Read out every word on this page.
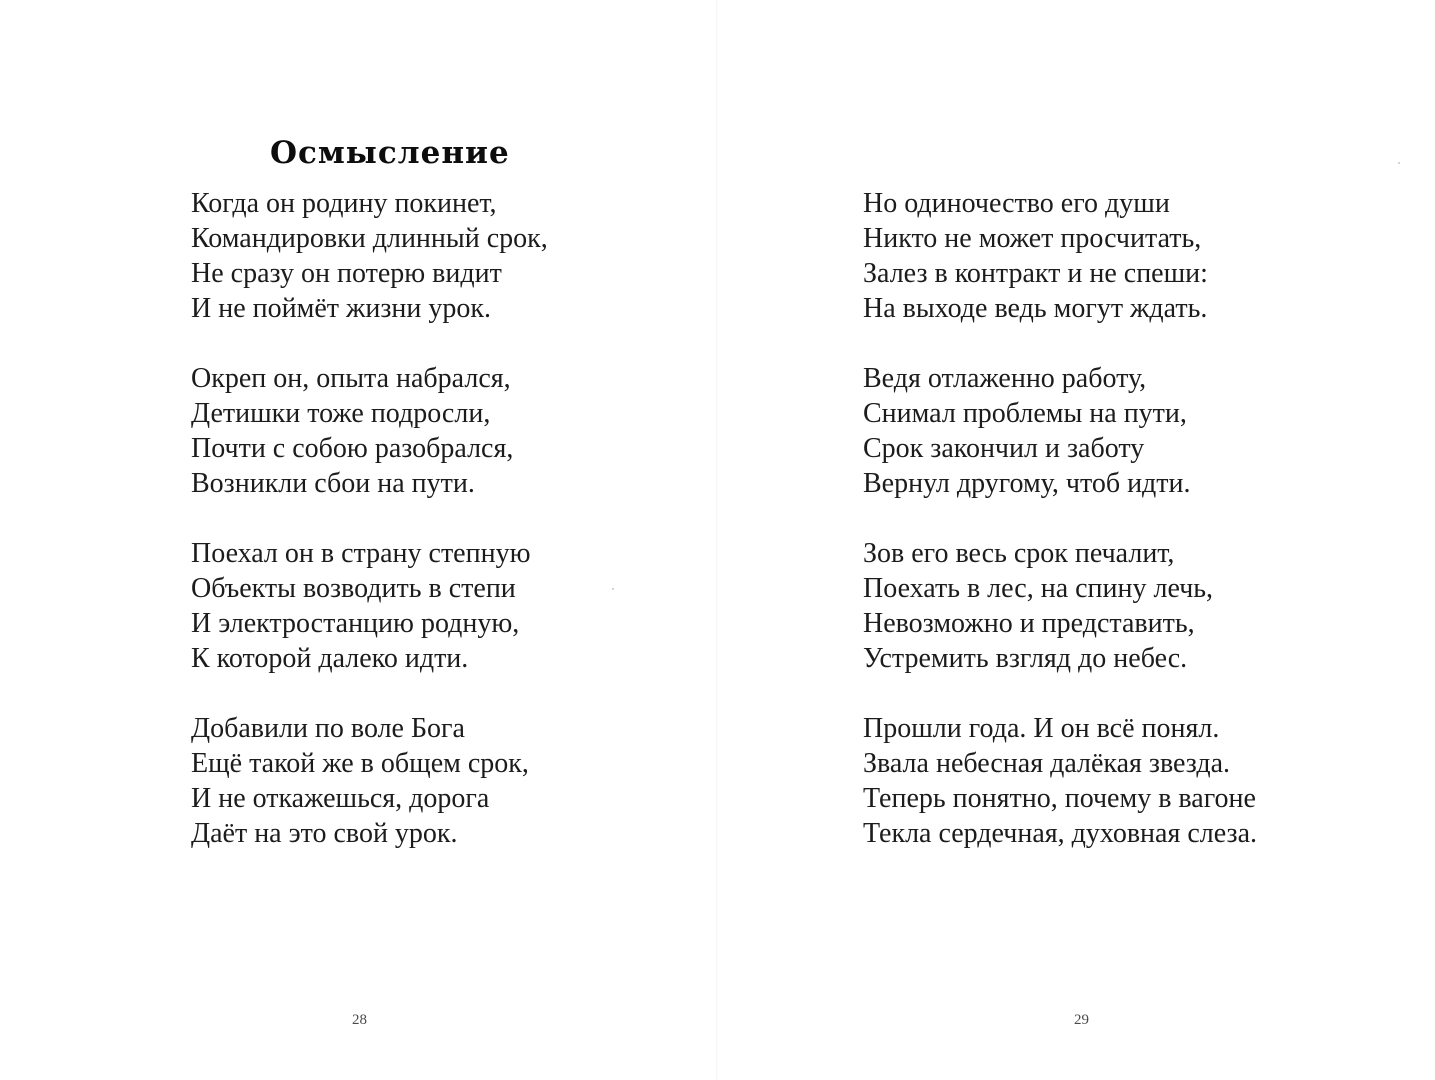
Осмысление
Когда он родину покинет,
Командировки длинный срок,
Не сразу он потерю видит
И не поймёт жизни урок.
Окреп он, опыта набрался,
Детишки тоже подросли,
Почти с собою разобрался,
Возникли сбои на пути.
Поехал он в страну степную
Объекты возводить в степи
И электростанцию родную,
К которой далеко идти.
Добавили по воле Бога
Ещё такой же в общем срок,
И не откажешься, дорога
Даёт на это свой урок.
28
Но одиночество его души
Никто не может просчитать,
Залез в контракт и не спеши:
На выходе ведь могут ждать.
Ведя отлаженно работу,
Снимал проблемы на пути,
Срок закончил и заботу
Вернул другому, чтоб идти.
Зов его весь срок печалит,
Поехать в лес, на спину лечь,
Невозможно и представить,
Устремить взгляд до небес.
Прошли года. И он всё понял.
Звала небесная далёкая звезда.
Теперь понятно, почему в вагоне
Текла сердечная, духовная слеза.
29
